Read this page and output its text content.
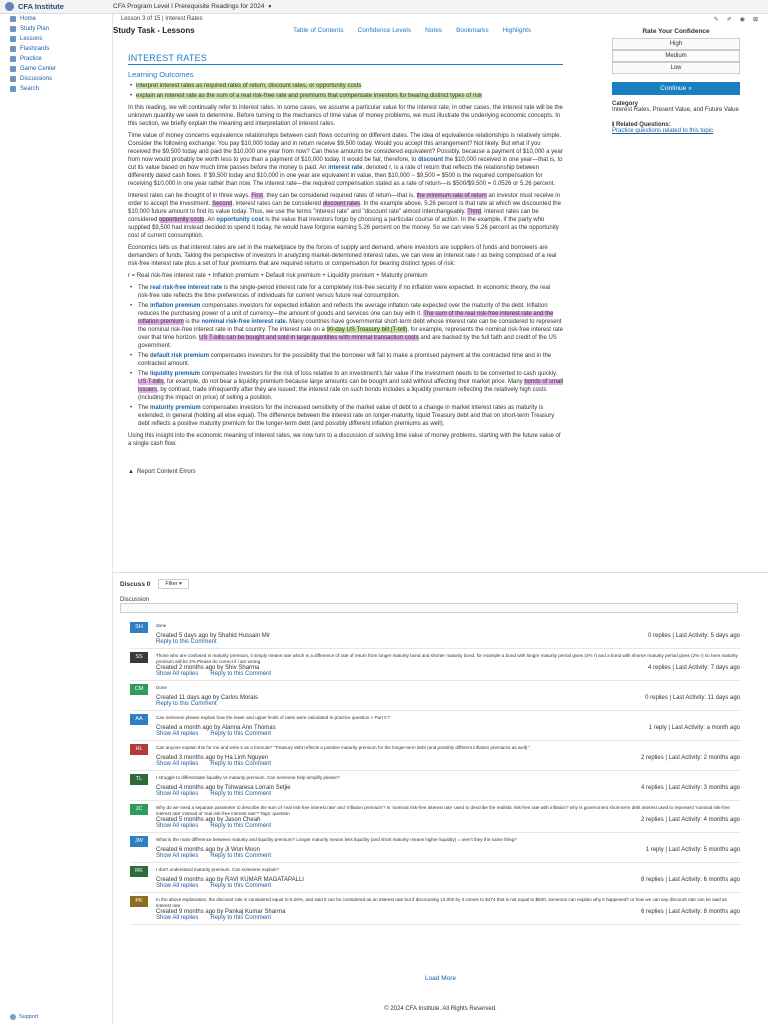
CFA Institute	CFA Program Level I Prerequisite Readings for 2024 ▼
Home
Study Plan
Lessons
Flashcards
Practice
Game Center
Discussions
Search
Support
Lesson 3 of 15 | Interest Rates	✎ ✐ ◉ ⊠
Study Task - Lessons	Table of Contents Confidence Levels Notes Bookmarks Highlights
INTEREST RATES
Learning Outcomes
• interpret interest rates as required rates of return, discount rates, or opportunity costs
• explain an interest rate as the sum of a real risk-free rate and premiums that compensate investors for bearing distinct types of risk

In this reading, we will continually refer to interest rates. In some cases, we assume a particular value for the interest rate; in other cases, the interest rate will be the unknown quantity we seek to determine. Before turning to the mechanics of time value of money problems, we must illustrate the underlying economic concepts. In this section, we briefly explain the meaning and interpretation of interest rates.

Time value of money concerns equivalence relationships between cash flows occurring on different dates. The idea of equivalence relationships is relatively simple. Consider the following exchange: You pay $10,000 today and in return receive $9,500 today. Would you accept this arrangement? Not likely. But what if you received the $9,500 today and paid the $10,000 one year from now? Can these amounts be considered equivalent? Possibly, because a payment of $10,000 a year from now would probably be worth less to you than a payment of $10,000 today. It would be fair, therefore, to discount the $10,000 received in one year—that is, to cut its value based on how much time passes before the money is paid. An interest rate, denoted r, is a rate of return that reflects the relationship between differently dated cash flows. If $9,500 today and $10,000 in one year are equivalent in value, then $10,000 − $9,500 = $500 is the required compensation for receiving $10,000 in one year rather than now. The interest rate—the required compensation stated as a rate of return—is $500/$9,500 = 0.0526 or 5.26 percent.

Interest rates can be thought of in three ways. First, they can be considered required rates of return—that is, the minimum rate of return an investor must receive in order to accept the investment. Second, interest rates can be considered discount rates. In the example above, 5.26 percent is that rate at which we discounted the $10,000 future amount to find its value today. Thus, we use the terms "interest rate" and "discount rate" almost interchangeably. Third, interest rates can be considered opportunity costs. An opportunity cost is the value that investors forgo by choosing a particular course of action. In the example, if the party who supplied $9,500 had instead decided to spend it today, he would have forgone earning 5.26 percent on the money. So we can view 5.26 percent as the opportunity cost of current consumption.

Economics tells us that interest rates are set in the marketplace by the forces of supply and demand, where investors are suppliers of funds and borrowers are demanders of funds. Taking the perspective of investors in analyzing market-determined interest rates, we can view an interest rate r as being composed of a real risk-free interest rate plus a set of four premiums that are required returns or compensation for bearing distinct types of risk:

r = Real risk-free interest rate + Inflation premium + Default risk premium + Liquidity premium + Maturity premium

• The real risk-free interest rate is the single-period interest rate for a completely risk-free security if no inflation were expected. In economic theory, the real risk-free rate reflects the time preferences of individuals for current versus future real consumption.
• The inflation premium compensates investors for expected inflation and reflects the average inflation rate expected over the maturity of the debt. Inflation reduces the purchasing power of a unit of currency—the amount of goods and services one can buy with it. The sum of the real risk-free interest rate and the inflation premium is the nominal risk-free interest rate. Many countries have governmental short-term debt whose interest rate can be considered to represent the nominal risk-free interest rate in that country. The interest rate on a 90-day US Treasury bill (T-bill), for example, represents the nominal risk-free interest rate over that time horizon. US T-bills can be bought and sold in large quantities with minimal transaction costs and are backed by the full faith and credit of the US government.
• The default risk premium compensates investors for the possibility that the borrower will fail to make a promised payment at the contracted time and in the contracted amount.
• The liquidity premium compensates investors for the risk of loss relative to an investment's fair value if the investment needs to be converted to cash quickly. US T-bills, for example, do not bear a liquidity premium because large amounts can be bought and sold without affecting their market price. Many bonds of small issuers, by contrast, trade infrequently after they are issued; the interest rate on such bonds includes a liquidity premium reflecting the relatively high costs (including the impact on price) of selling a position.
• The maturity premium compensates investors for the increased sensitivity of the market value of debt to a change in market interest rates as maturity is extended, in general (holding all else equal). The difference between the interest rate on longer-maturity, liquid Treasury debt and that on short-term Treasury debt reflects a positive maturity premium for the longer-term debt (and possibly different inflation premiums as well).

Using this insight into the economic meaning of interest rates, we now turn to a discussion of solving time value of money problems, starting with the future value of a single cash flow.

▲ Report Content Errors
Rate Your Confidence
High
Medium
Low
Continue »
Category
Interest Rates, Present Value, and Future Value
ℹ Related Questions:
Practice questions related to this topic
Discuss 0	Filter ▾
Discussion
SH	done
Created 5 days ago by Shahid Hussain Mir	0 replies | Last Activity: 5 days ago
Reply to this Comment
SS	Those who are confused in maturity premium, it simply means rate which is a difference of rate of return from longer maturity bond and shorter maturity bond. for example a bond with longer maturity period gives (4% r) and a bond with shorter maturity period gives (2% r) so here maturity premium will be 2% Please do correct if i am wrong.
Created 2 months ago by Shiv Sharma	4 replies | Last Activity: 7 days ago
Show All replies Reply to this Comment
CM	Done
Created 11 days ago by Carlos Morais	0 replies | Last Activity: 11 days ago
Reply to this Comment
AA	Can someone please explain how the lower and upper limits of rates were calculated in practice question > Part C?
Created a month ago by Alanna Ann Thomas	1 reply | Last Activity: a month ago
Show All replies Reply to this Comment
HL	Can anyone explain this for me and write it as a formula? "Treasury debt reflects a positive maturity premium for the longer-term debt (and possibly different inflation premiums as well)."
Created 3 months ago by Ha Linh Nguyen	2 replies | Last Activity: 2 months ago
Show All replies Reply to this Comment
TL	I struggle to differentiate liquidity vs maturity premium. Can someone help simplify please?
Created 4 months ago by Tshwaresa Lorrain Setjie	4 replies | Last Activity: 3 months ago
Show All replies Reply to this Comment
JC	Why do we need a separate parameter to describe the sum of 'real risk-free interest rate' and 'inflation premium'? Is 'nominal risk-free interest rate' used to describe the realistic risk-free rate with inflation? why is government short-term debt interest used to represent 'nominal risk-free interest rate' instead of 'real risk-free interest rate'? Tags: question
Created 5 months ago by Jason Cheah	2 replies | Last Activity: 4 months ago
Show All replies Reply to this Comment
JW	What is the main difference between maturity and liquidity premium? Longer maturity means less liquidity (and short maturity means higher liquidity) = aren't they the same thing?
Created 6 months ago by Ji Won Moon	1 reply | Last Activity: 5 months ago
Show All replies Reply to this Comment
RK	I don't understand maturity premium. Can someone explain?
Created 9 months ago by RAVI KUMAR MAGATAPALLI	8 replies | Last Activity: 6 months ago
Show All replies Reply to this Comment
PK	In the above explanation, the discount rate is considered equal to 5.26%, and said it can be considered as an interest rate but if discounting 10,000 by it comes to $474 that is not equal to $500, someone can explain why it happened? or how we can say discount rate can be said as interest rate
Created 9 months ago by Pankaj Kumar Sharma	6 replies | Last Activity: 8 months ago
Show All replies Reply to this Comment
Load More
© 2024 CFA Institute. All Rights Reserved.
